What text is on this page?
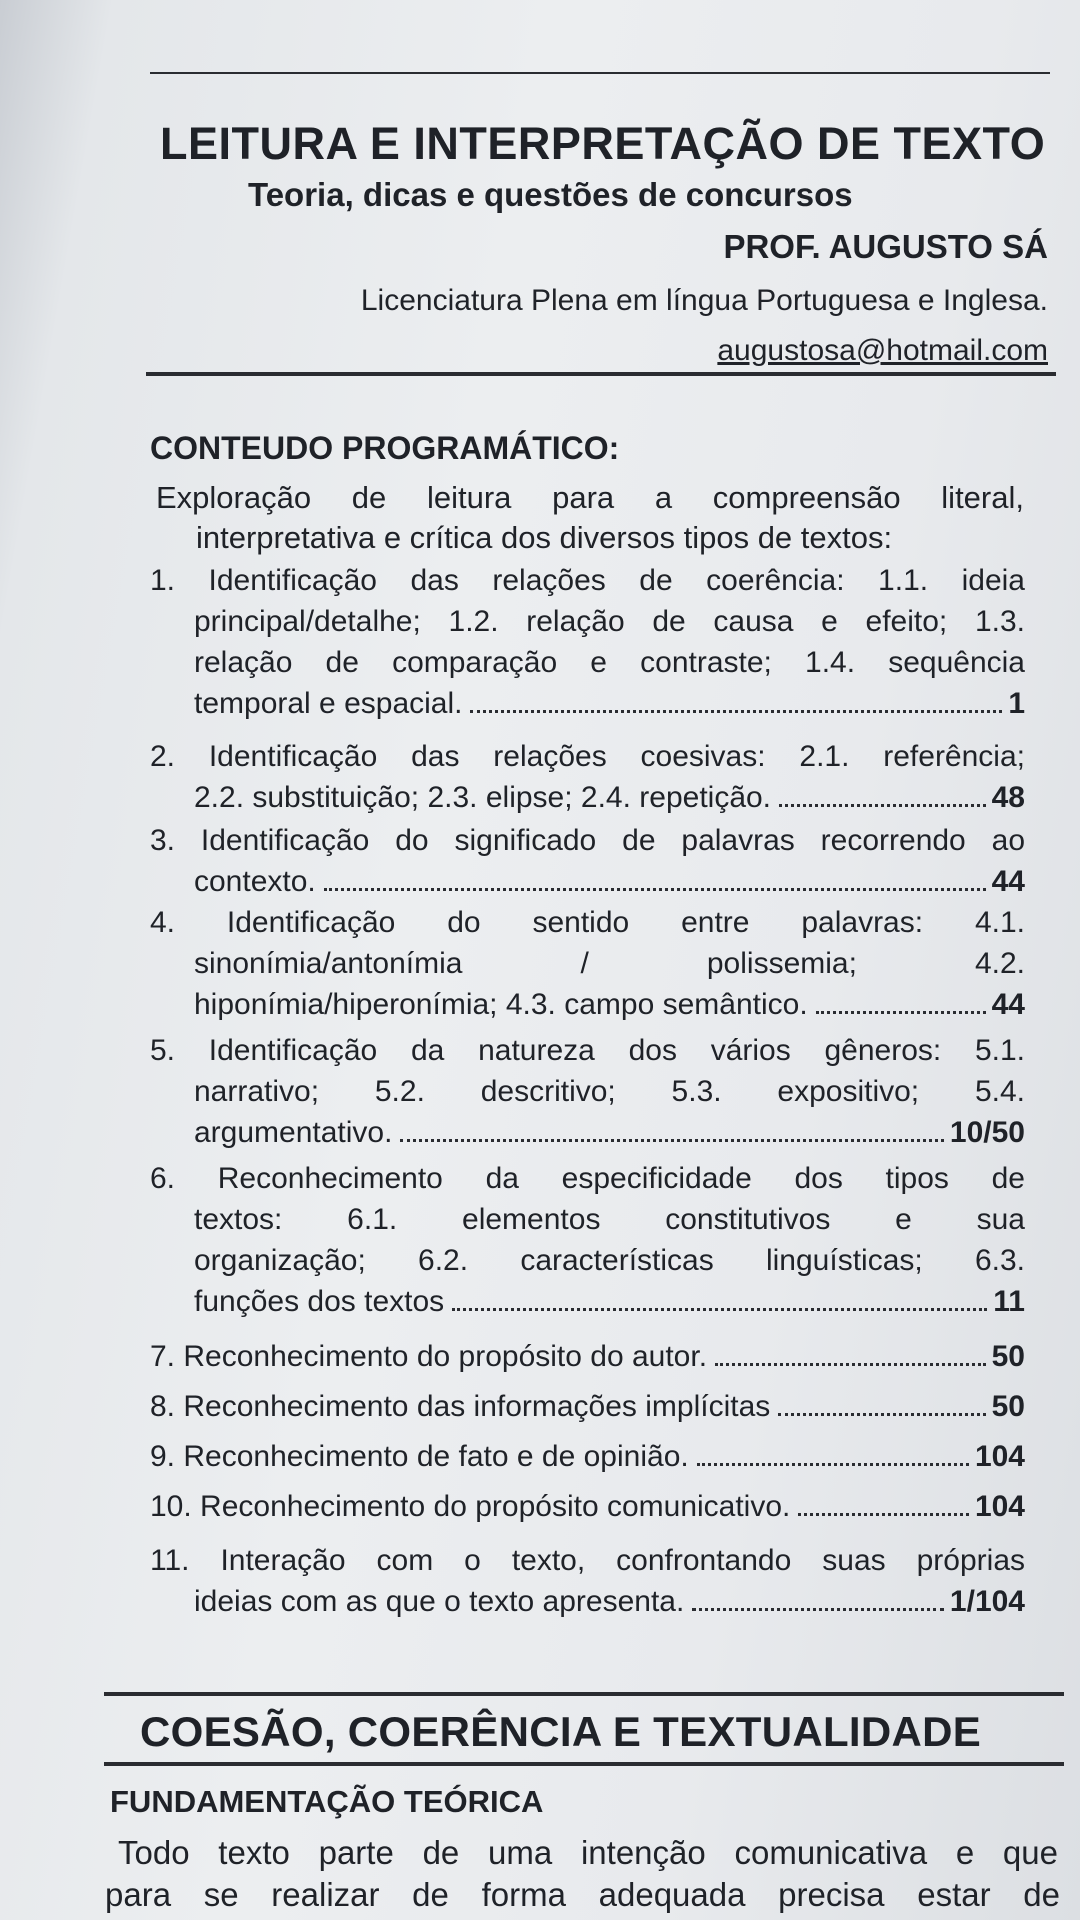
LEITURA E INTERPRETAÇÃO DE TEXTO
Teoria, dicas e questões de concursos
PROF. AUGUSTO SÁ
Licenciatura Plena em língua Portuguesa e Inglesa.
augustosa@hotmail.com
CONTEUDO PROGRAMÁTICO:
Exploração de leitura para a compreensão literal,
interpretativa e crítica dos diversos tipos de textos:
1. Identificação das relações de coerência: 1.1. ideia
principal/detalhe; 1.2. relação de causa e efeito; 1.3.
relação de comparação e contraste; 1.4. sequência
temporal e espacial.	1
2. Identificação das relações coesivas: 2.1. referência;
2.2. substituição; 2.3. elipse; 2.4. repetição.	48
3. Identificação do significado de palavras recorrendo ao
contexto.	44
4. Identificação do sentido entre palavras: 4.1.
sinonímia/antonímia / polissemia; 4.2.
hiponímia/hiperonímia; 4.3. campo semântico.	44
5. Identificação da natureza dos vários gêneros: 5.1.
narrativo; 5.2. descritivo; 5.3. expositivo; 5.4.
argumentativo.	10/50
6. Reconhecimento da especificidade dos tipos de
textos: 6.1. elementos constitutivos e sua
organização; 6.2. características linguísticas; 6.3.
funções dos textos	11
7. Reconhecimento do propósito do autor.	50
8. Reconhecimento das informações implícitas	50
9. Reconhecimento de fato e de opinião.	104
10. Reconhecimento do propósito comunicativo.	104
11. Interação com o texto, confrontando suas próprias
ideias com as que o texto apresenta.	1/104
COESÃO, COERÊNCIA E TEXTUALIDADE
FUNDAMENTAÇÃO TEÓRICA
Todo texto parte de uma intenção comunicativa e que
para se realizar de forma adequada precisa estar de
